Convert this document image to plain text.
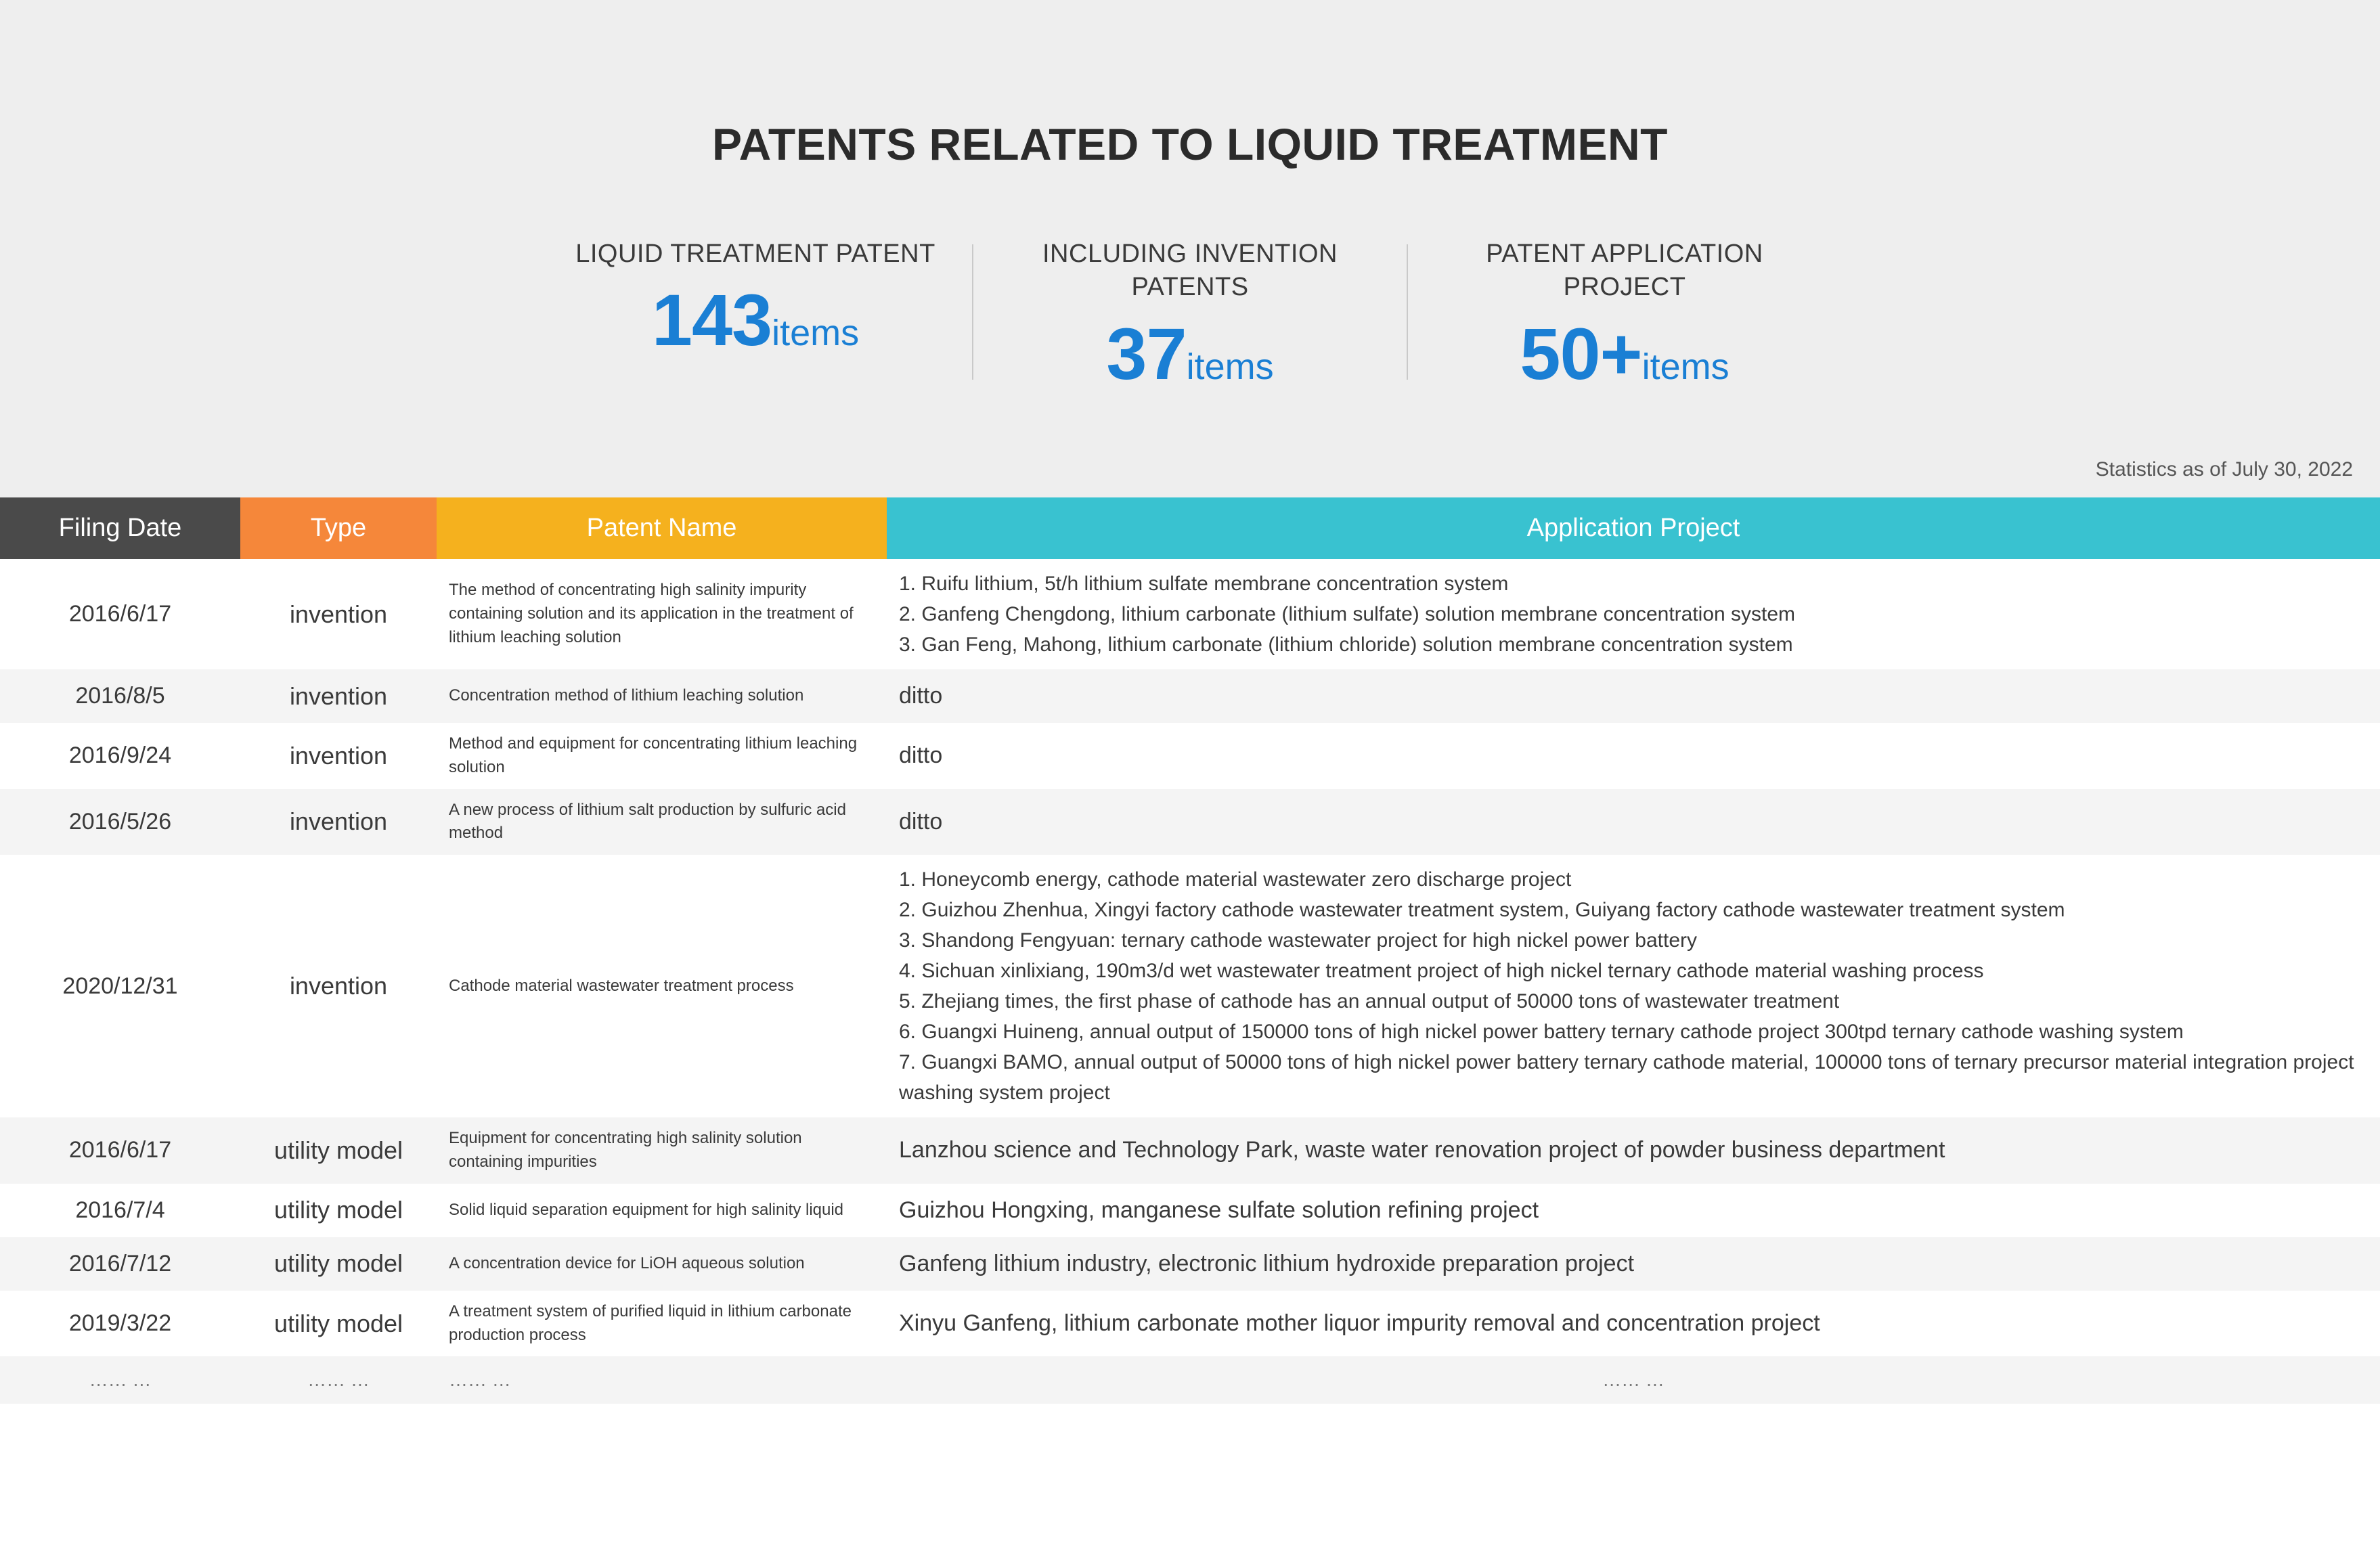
PATENTS RELATED TO LIQUID TREATMENT
LIQUID TREATMENT PATENT
143items
INCLUDING INVENTION PATENTS
37items
PATENT APPLICATION PROJECT
50+items
Statistics as of July 30, 2022
Filing Date	Type	Patent Name	Application Project
2016/6/17	invention	The method of concentrating high salinity impurity containing solution and its application in the treatment of lithium leaching solution	1. Ruifu lithium, 5t/h lithium sulfate membrane concentration system
2. Ganfeng Chengdong, lithium carbonate (lithium sulfate) solution membrane concentration system
3. Gan Feng, Mahong, lithium carbonate (lithium chloride) solution membrane concentration system

2016/8/5	invention	Concentration method of lithium leaching solution	ditto
2016/9/24	invention	Method and equipment for concentrating lithium leaching solution	ditto
2016/5/26	invention	A new process of lithium salt production by sulfuric acid method	ditto
2020/12/31	invention	Cathode material wastewater treatment process	
1. Honeycomb energy, cathode material wastewater zero discharge project
2. Guizhou Zhenhua, Xingyi factory cathode wastewater treatment system, Guiyang factory cathode wastewater treatment system
3. Shandong Fengyuan: ternary cathode wastewater project for high nickel power battery
4. Sichuan xinlixiang, 190m3/d wet wastewater treatment project of high nickel ternary cathode material washing process
5. Zhejiang times, the first phase of cathode has an annual output of 50000 tons of wastewater treatment
6. Guangxi Huineng, annual output of 150000 tons of high nickel power battery ternary cathode project 300tpd ternary cathode washing system
7. Guangxi BAMO, annual output of 50000 tons of high nickel power battery ternary cathode material, 100000 tons of ternary precursor material integration project washing system project

2016/6/17	utility model	Equipment for concentrating high salinity solution containing impurities	Lanzhou science and Technology Park, waste water renovation project of powder business department
2016/7/4	utility model	Solid liquid separation equipment for high salinity liquid	Guizhou Hongxing, manganese sulfate solution refining project
2016/7/12	utility model	A concentration device for LiOH aqueous solution	Ganfeng lithium industry, electronic lithium hydroxide preparation project
2019/3/22	utility model	A treatment system of purified liquid in lithium carbonate production process	Xinyu Ganfeng, lithium carbonate mother liquor impurity removal and concentration project
…… …	…… …	…… …	…… …
